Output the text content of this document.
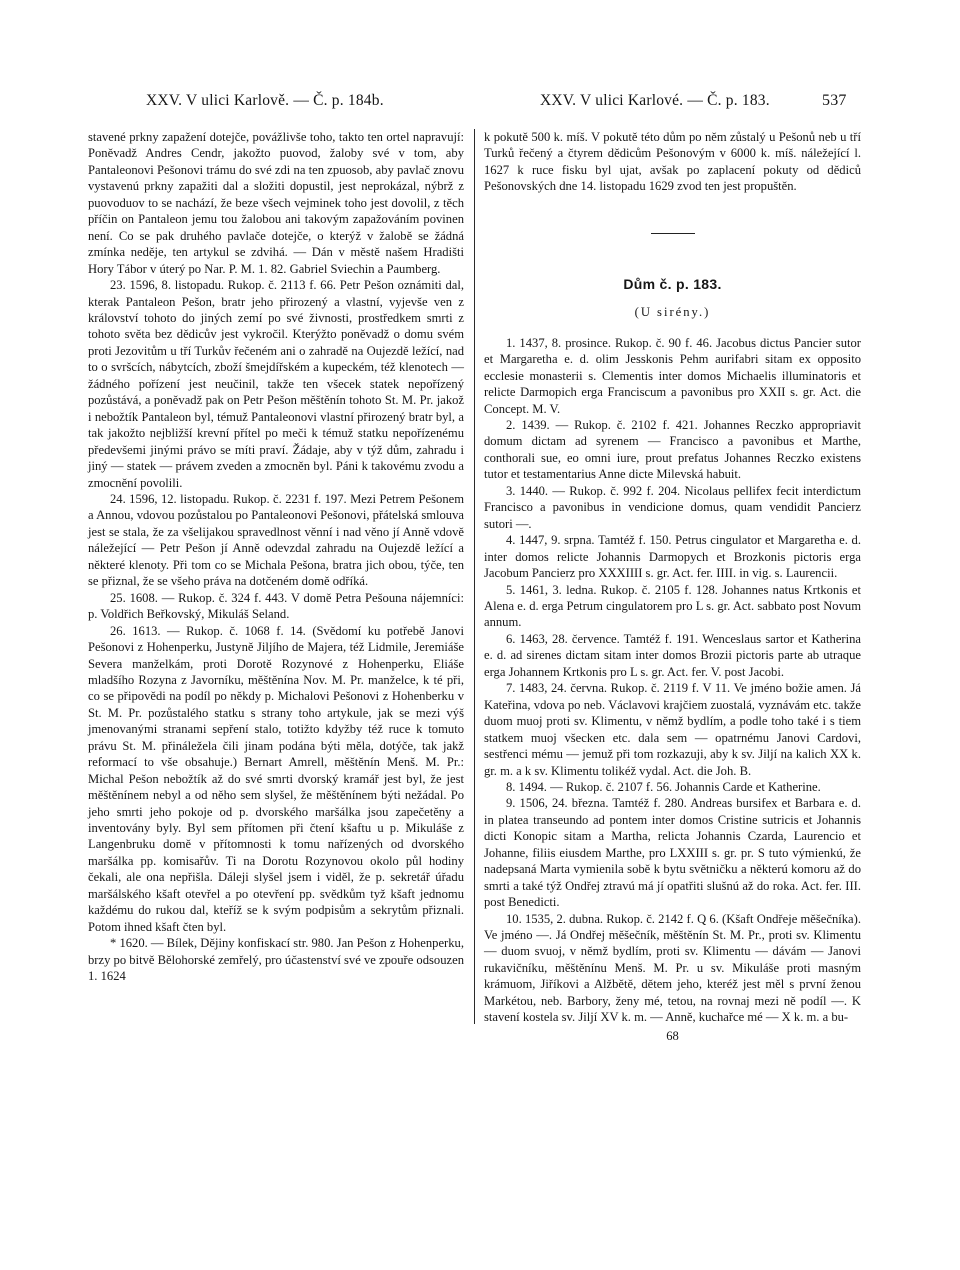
XXV. V ulici Karlově. — Č. p. 184b.	XXV. V ulici Karlové. — Č. p. 183.	537

stavené prkny zapažení dotejče, povážlivše toho, takto ten ortel napravují: Poněvadž Andres Cendr, jakožto puovod, žaloby své v tom, aby Pantaleonovi Pešonovi trámu do své zdi na ten zpuosob, aby pavlač znovu vystavenú prkny zapažiti dal a složiti dopustil, jest neprokázal, nýbrž z puovoduov to se nachází, že beze všech vejminek toho jest dovolil, z těch příčin on Pantaleon jemu tou žalobou ani takovým zapažováním povinen není. Co se pak druhého pavlače dotejče, o kterýž v žalobě se žádná zmínka neděje, ten artykul se zdvihá. — Dán v městě našem Hradišti Hory Tábor v úterý po Nar. P. M. 1. 82. Gabriel Sviechin a Paumberg.

23. 1596, 8. listopadu. Rukop. č. 2113 f. 66. Petr Pešon oznámiti dal, kterak Pantaleon Pešon, bratr jeho přirozený a vlastní, vyjevše ven z království tohoto do jiných zemí po své živnosti, prostředkem smrti z tohoto světa bez dědicův jest vykročil. Kterýžto poněvadž o domu svém proti Jezovitům u tří Turkův řečeném ani o zahradě na Oujezdě ležící, nad to o svršcích, nábytcích, zboží šmejdířském a kupeckém, též klenotech — žádného pořízení jest neučinil, takže ten všecek statek nepořízený pozůstává, a poněvadž pak on Petr Pešon měštěnín tohoto St. M. Pr. jakož i nebožtík Pantaleon byl, témuž Pantaleonovi vlastní přirozený bratr byl, a tak jakožto nejbližší krevní přítel po meči k témuž statku nepořízenému předevšemi jinými právo se míti praví. Žádaje, aby v týž dům, zahradu i jiný — statek — právem zveden a zmocněn byl. Páni k takovému zvodu a zmocnění povolili.

24. 1596, 12. listopadu. Rukop. č. 2231 f. 197. Mezi Petrem Pešonem a Annou, vdovou pozůstalou po Pantaleonovi Pešonovi, přátelská smlouva jest se stala, že za všelijakou spravedlnost věnní i nad věno jí Anně vdově náležející — Petr Pešon jí Anně odevzdal zahradu na Oujezdě ležící a některé klenoty. Při tom co se Michala Pešona, bratra jich obou, týče, ten se přiznal, že se všeho práva na dotčeném domě odříká.

25. 1608. — Rukop. č. 324 f. 443. V domě Petra Pešouna nájemníci: p. Voldřich Beřkovský, Mikuláš Seland.

26. 1613. — Rukop. č. 1068 f. 14. (Svědomí ku potřebě Janovi Pešonovi z Hohenperku, Justyně Jiljího de Majera, též Lidmile, Jeremiáše Severa manželkám, proti Dorotě Rozynové z Hohenperku, Eliáše mladšího Rozyna z Javorníku, měštěnína Nov. M. Pr. manželce, k té při, co se připovědi na podíl po někdy p. Michalovi Pešonovi z Hohenberku v St. M. Pr. pozůstalého statku s strany toho artykule, jak se mezi výš jmenovanými stranami sepření stalo, totižto kdyžby též ruce k tomuto právu St. M. přináležela čili jinam podána býti měla, dotýče, tak jakž reformací to vše obsahuje.) Bernart Amrell, měštěnín Menš. M. Pr.: Michal Pešon nebožtík až do své smrti dvorský kramář jest byl, že jest měštěnínem nebyl a od něho sem slyšel, že měštěnínem býti nežádal. Po jeho smrti jeho pokoje od p. dvorského maršálka jsou zapečetěny a inventovány byly. Byl sem přítomen při čtení kšaftu u p. Mikuláše z Langenbruku domě v přítomnosti k tomu nařízených od dvorského maršálka pp. komisařův. Ti na Dorotu Rozynovou okolo půl hodiny čekali, ale ona nepřišla. Dáleji slyšel jsem i viděl, že p. sekretář úřadu maršálského kšaft otevřel a po otevření pp. svědkům tyž kšaft jednomu každému do rukou dal, kteříž se k svým podpisům a sekrytům přiznali. Potom ihned kšaft čten byl.

* 1620. — Bílek, Dějiny konfiskací str. 980. Jan Pešon z Hohenperku, brzy po bitvě Bělohorské zemřelý, pro účastenství své ve zpouře odsouzen 1. 1624

k pokutě 500 k. míš. V pokutě této dům po něm zůstalý u Pešonů neb u tří Turků řečený a čtyrem dědicům Pešonovým v 6000 k. míš. náležející l. 1627 k ruce fisku byl ujat, avšak po zaplacení pokuty od dědiců Pešonovských dne 14. listopadu 1629 zvod ten jest propuštěn.

Dům č. p. 183.
(U sirény.)

1. 1437, 8. prosince. Rukop. č. 90 f. 46. Jacobus dictus Pancier sutor et Margaretha e. d. olim Jesskonis Pehm aurifabri sitam ex opposito ecclesie monasterii s. Clementis inter domos Michaelis illuminatoris et relicte Darmopich erga Franciscum a pavonibus pro XXII s. gr. Act. die Concept. M. V.

2. 1439. — Rukop. č. 2102 f. 421. Johannes Reczko appropriavit domum dictam ad syrenem — Francisco a pavonibus et Marthe, conthorali sue, eo omni iure, prout prefatus Johannes Reczko existens tutor et testamentarius Anne dicte Milevská habuit.

3. 1440. — Rukop. č. 992 f. 204. Nicolaus pellifex fecit interdictum Francisco a pavonibus in vendicione domus, quam vendidit Pancierz sutori —.

4. 1447, 9. srpna. Tamtéž f. 150. Petrus cingulator et Margaretha e. d. inter domos relicte Johannis Darmopych et Brozkonis pictoris erga Jacobum Pancierz pro XXXIIII s. gr. Act. fer. IIII. in vig. s. Laurencii.

5. 1461, 3. ledna. Rukop. č. 2105 f. 128. Johannes natus Krtkonis et Alena e. d. erga Petrum cingulatorem pro L s. gr. Act. sabbato post Novum annum.

6. 1463, 28. července. Tamtéž f. 191. Wenceslaus sartor et Katherina e. d. ad sirenes dictam sitam inter domos Brozii pictoris parte ab utraque erga Johannem Krtkonis pro L s. gr. Act. fer. V. post Jacobi.

7. 1483, 24. června. Rukop. č. 2119 f. V 11. Ve jméno božie amen. Já Kateřina, vdova po neb. Václavovi krajčiem zuostalá, vyznávám etc. takže duom muoj proti sv. Klimentu, v němž bydlím, a podle toho také i s tiem statkem muoj všecken etc. dala sem — opatrnému Janovi Cardovi, sestřenci mému — jemuž při tom rozkazuji, aby k sv. Jiljí na kalich XX k. gr. m. a k sv. Klimentu tolikéž vydal. Act. die Joh. B.

8. 1494. — Rukop. č. 2107 f. 56. Johannis Carde et Katherine.

9. 1506, 24. března. Tamtéž f. 280. Andreas bursifex et Barbara e. d. in platea transeundo ad pontem inter domos Cristine sutricis et Johannis dicti Konopic sitam a Martha, relicta Johannis Czarda, Laurencio et Johanne, filiis eiusdem Marthe, pro LXXIII s. gr. pr. S tuto výmienkú, že nadepsaná Marta vymienila sobě k bytu světničku a některú komoru až do smrti a také týž Ondřej ztravú má jí opatřiti slušnú až do roka. Act. fer. III. post Benedicti.

10. 1535, 2. dubna. Rukop. č. 2142 f. Q 6. (Kšaft Ondřeje měšečníka). Ve jméno —. Já Ondřej měšečník, měštěnín St. M. Pr., proti sv. Klimentu — duom svuoj, v němž bydlím, proti sv. Klimentu — dávám — Janovi rukavičníku, měštěnínu Menš. M. Pr. u sv. Mikuláše proti masným krámuom, Jiříkovi a Alžbětě, dětem jeho, kteréž jest měl s první ženou Markétou, neb. Barbory, ženy mé, tetou, na rovnaj mezi ně podíl —. K stavení kostela sv. Jiljí XV k. m. — Anně, kuchařce mé — X k. m. a bu-

68
